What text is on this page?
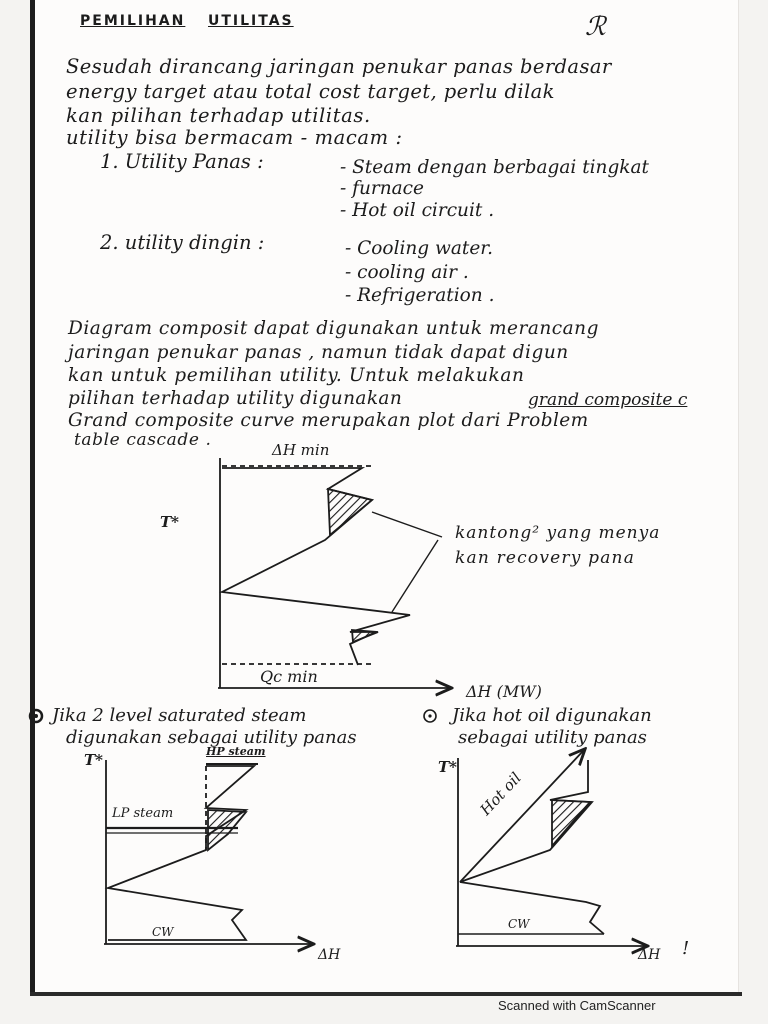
PEMILIHAN UTILITAS	ℛ
Sesudah dirancang jaringan penukar panas berdasar
energy target atau total cost target, perlu dilak
kan pilihan terhadap utilitas.
utility bisa bermacam - macam :
1. Utility Panas :	- Steam dengan berbagai tingkat
- furnace
- Hot oil circuit .
2. utility dingin :	- Cooling water.
- cooling air .
- Refrigeration .
Diagram composit dapat digunakan untuk merancang
jaringan penukar panas , namun tidak dapat digun
kan untuk pemilihan utility. Untuk melakukan
pilihan terhadap utility digunakan	grand composite c
Grand composite curve merupakan plot dari Problem
table cascade .	ΔH min
T*
ΔH (MW)
Qc min
kantong² yang menya
kan recovery pana
Jika 2 level saturated steam
digunakan sebagai utility panas
HP steam
LP steam
CW
T*
ΔH
Jika hot oil digunakan
sebagai utility panas
Hot oil
CW
T*
ΔH !
Scanned with CamScanner
